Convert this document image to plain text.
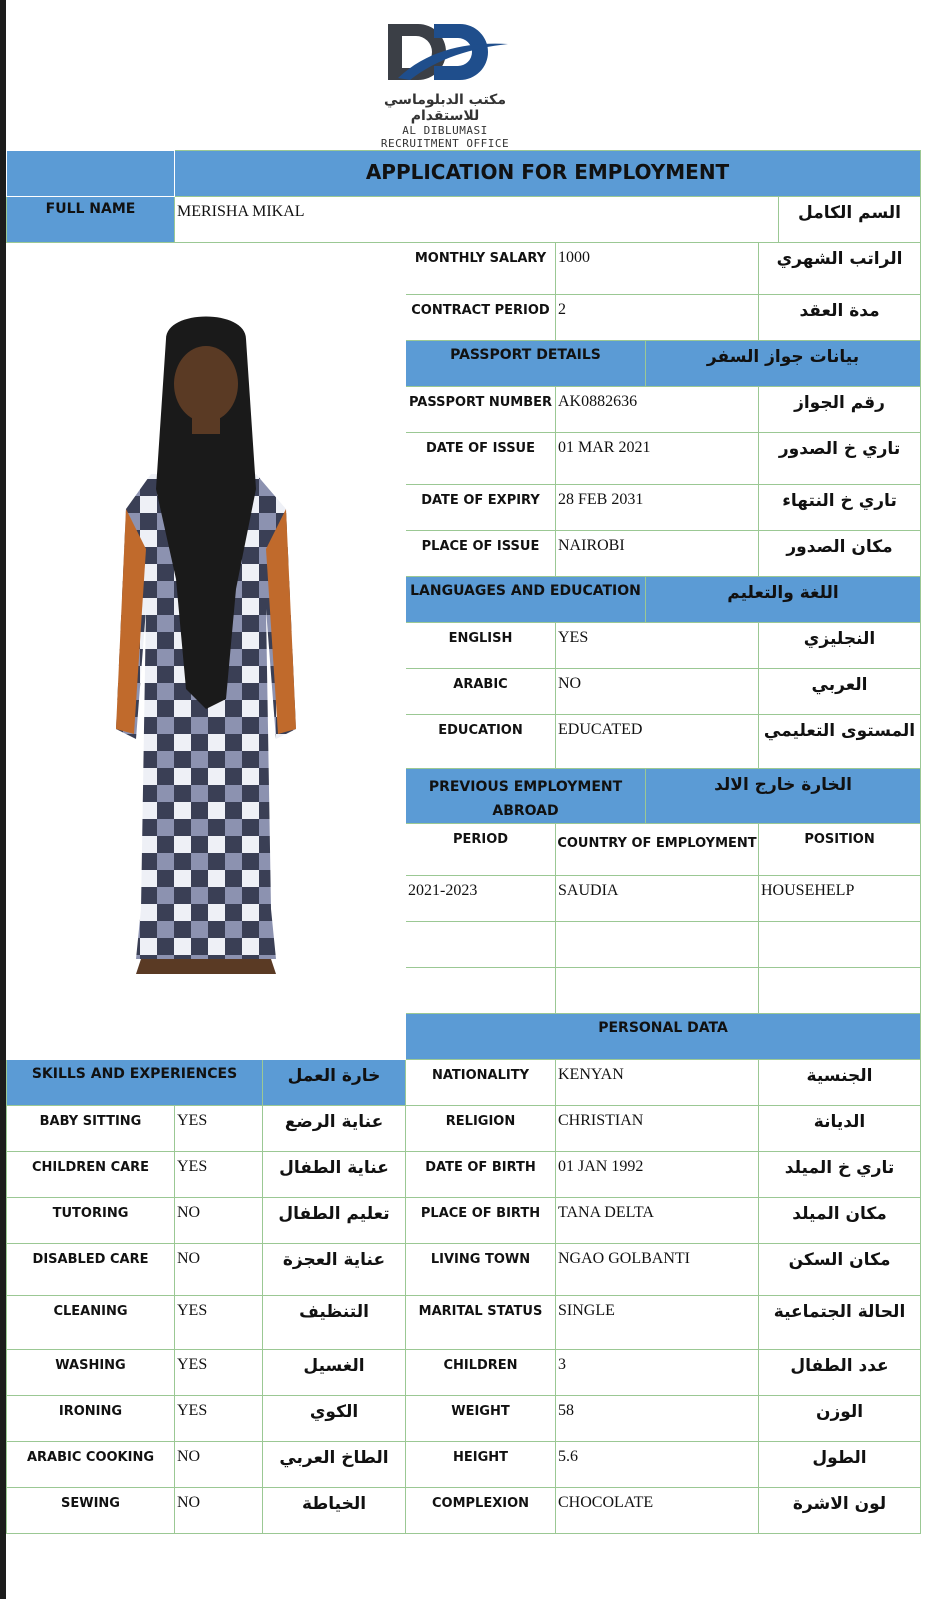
مكتب الدبلوماسي للاستقدام
AL DIBLUMASI RECRUITMENT OFFICE
	APPLICATION FOR EMPLOYMENT						
FULL NAME	MERISHA MIKAL						السم الكامل
	MONTHLY SALARY	1000		الراتب الشهري	
			CONTRACT PERIOD	2		مدة العقد	
			PASSPORT DETAILS		بيانات جواز السفر		
			PASSPORT NUMBER	AK0882636		رقم الجواز	
			DATE OF ISSUE	01 MAR 2021		تاري خ الصدور	
			DATE OF EXPIRY	28 FEB 2031		تاري خ النتهاء	
			PLACE OF ISSUE	NAIROBI		مكان الصدور	
			LANGUAGES AND EDUCATION		اللغة والتعليم		
			ENGLISH	YES		النجليزي	
			ARABIC	NO		العربي	
			EDUCATION	EDUCATED		المستوى التعليمي	
			PREVIOUS EMPLOYMENT ABROAD		الخارة خارج الالد		
			PERIOD	COUNTRY OF EMPLOYMENT		POSITION	
			2021-2023	SAUDIA		HOUSEHELP	

			PERSONAL DATA				
SKILLS AND EXPERIENCES		خارة العمل	NATIONALITY	KENYAN		الجنسية	
BABY SITTING	YES	عناية الرضع	RELIGION	CHRISTIAN		الديانة	
CHILDREN CARE	YES	عناية الطفال	DATE OF BIRTH	01 JAN 1992		تاري خ الميلد	
TUTORING	NO	تعليم الطفال	PLACE OF BIRTH	TANA DELTA		مكان الميلد	
DISABLED CARE	NO	عناية العجزة	LIVING TOWN	NGAO GOLBANTI		مكان السكن	
CLEANING	YES	التنظيف	MARITAL STATUS	SINGLE		الحالة الجتماعية	
WASHING	YES	الغسيل	CHILDREN	3		عدد الطفال	
IRONING	YES	الكوي	WEIGHT	58		الوزن	
ARABIC COOKING	NO	الطاخ العربي	HEIGHT	5.6		الطول	
SEWING	NO	الخياطة	COMPLEXION	CHOCOLATE		لون الاشرة	
